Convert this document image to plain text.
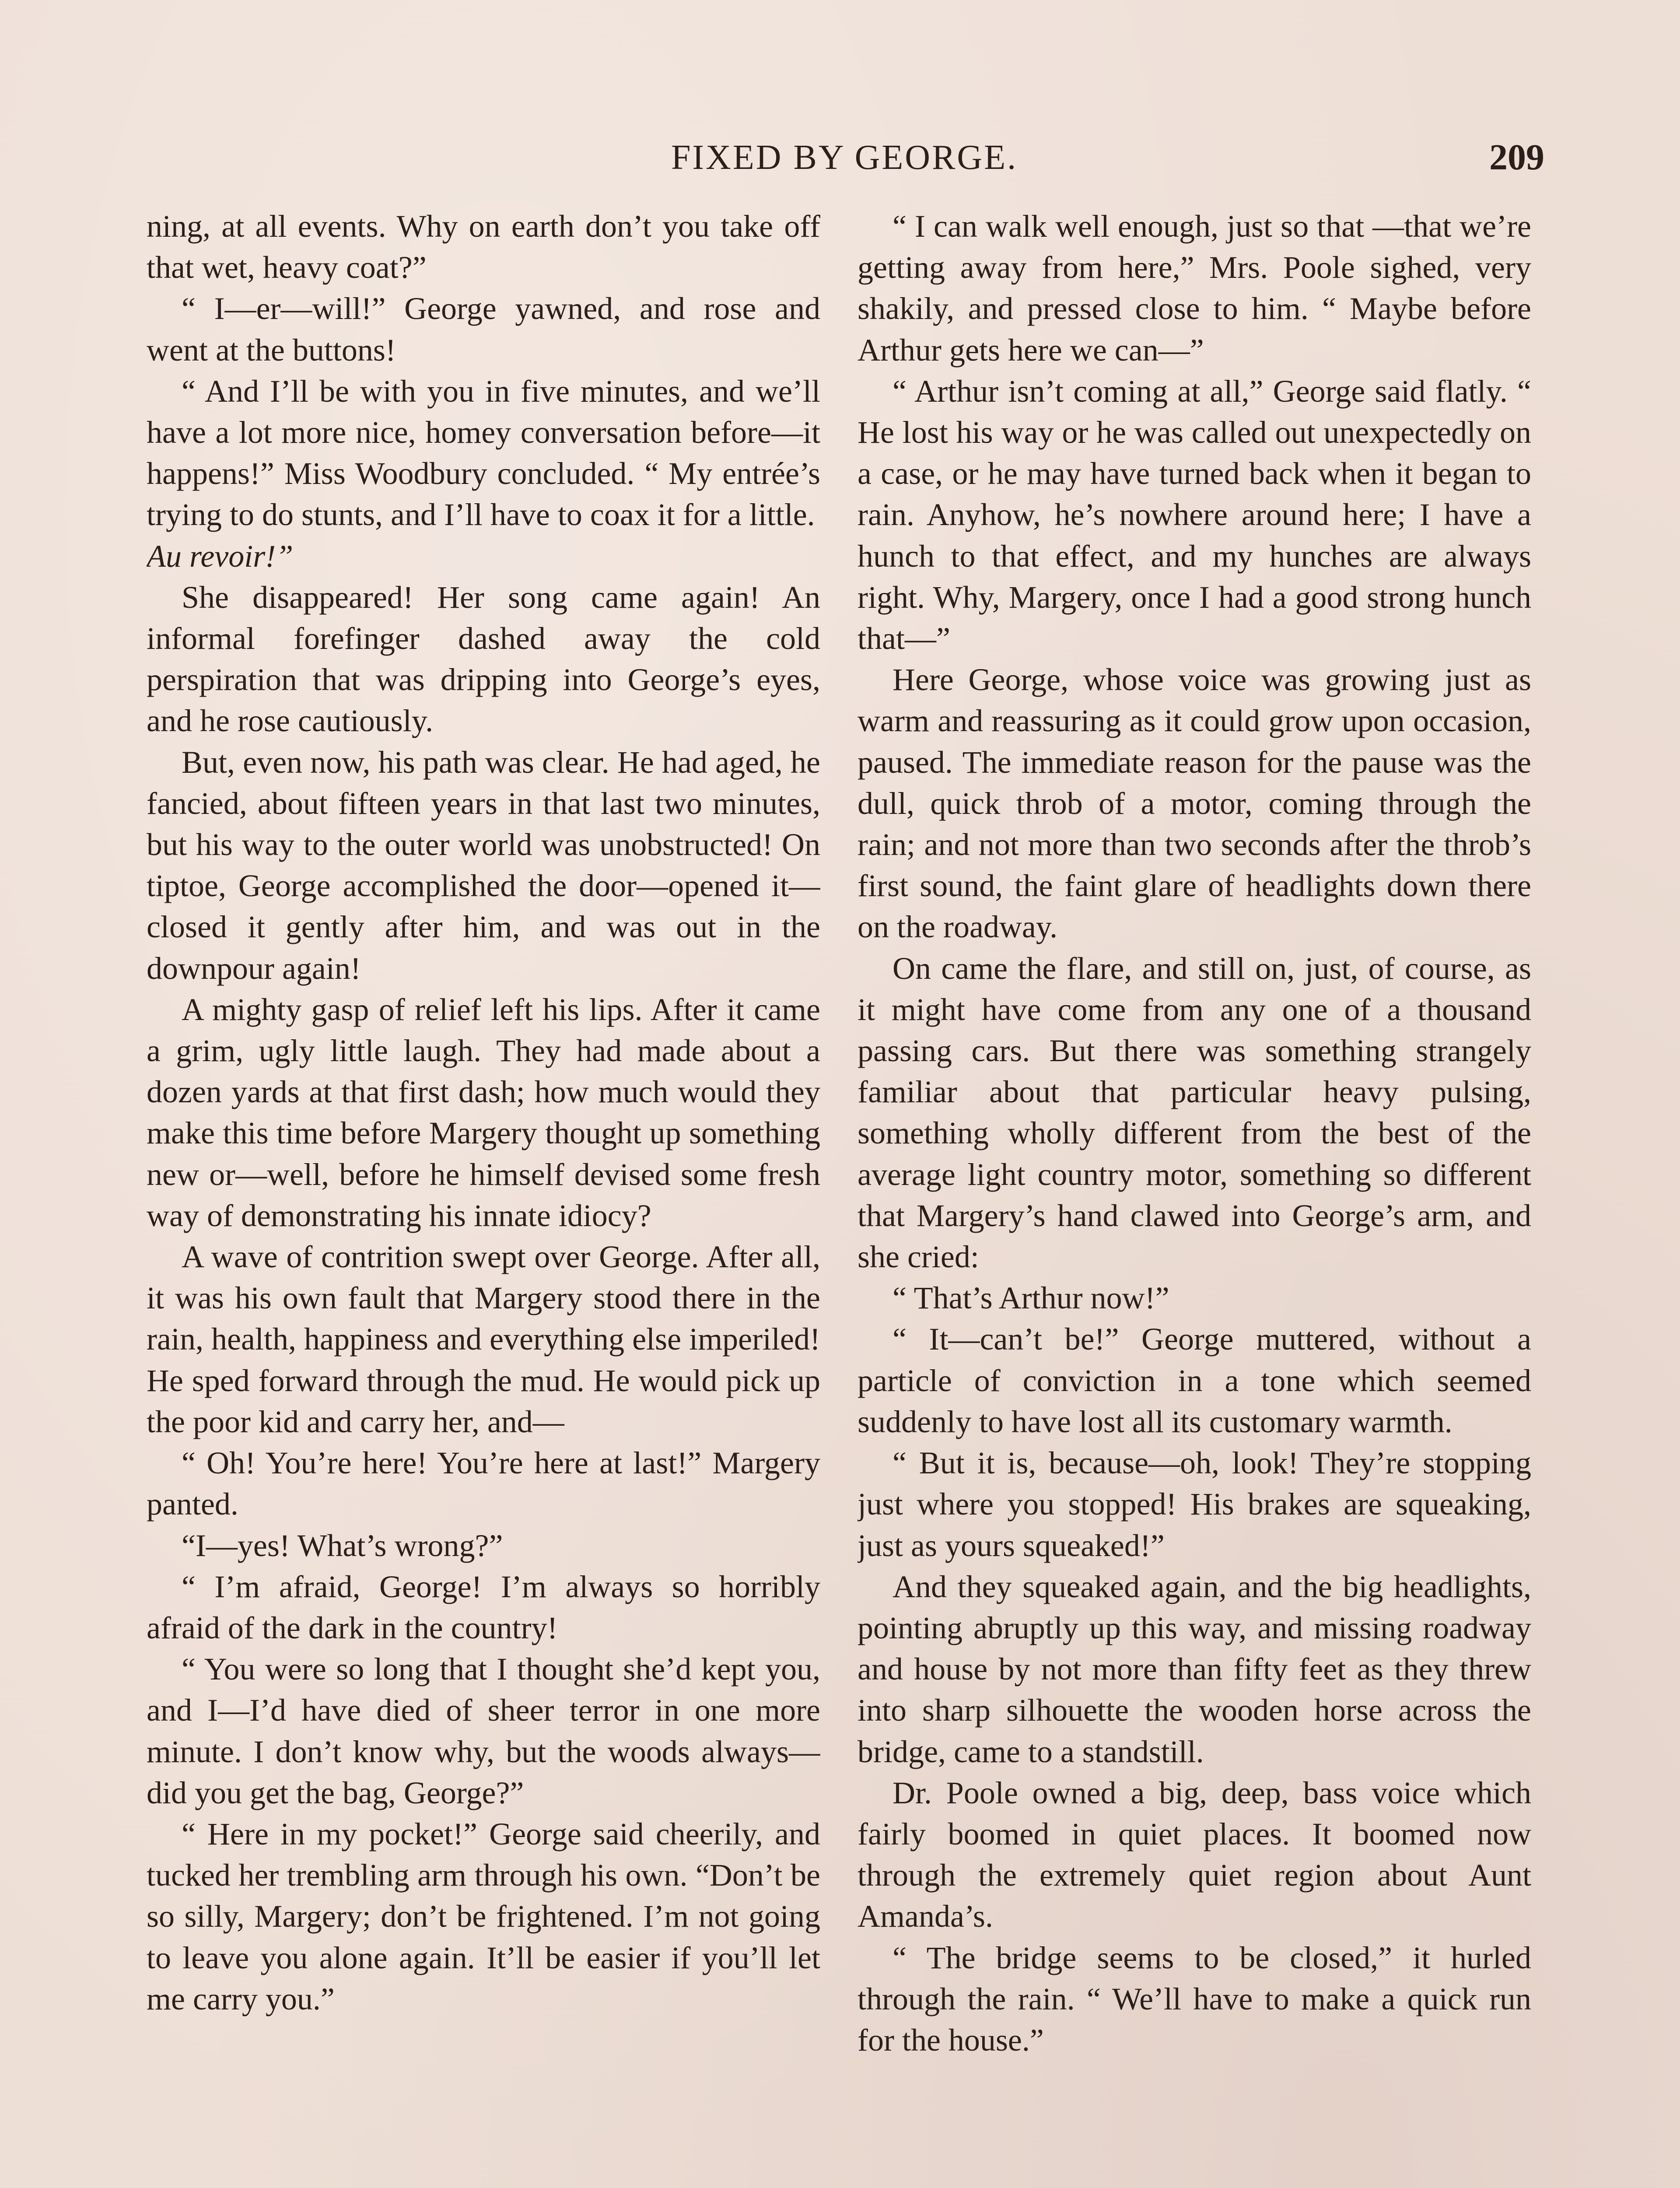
FIXED BY GEORGE.	209

ning, at all events. Why on earth don’t you take off that wet, heavy coat?”

“ I—er—will!” George yawned, and rose and went at the buttons!

“ And I’ll be with you in five minutes, and we’ll have a lot more nice, homey conversation before—it happens!” Miss Woodbury concluded. “ My entrée’s trying to do stunts, and I’ll have to coax it for a little.

Au revoir!”

She disappeared! Her song came again! An informal forefinger dashed away the cold perspiration that was dripping into George’s eyes, and he rose cautiously.

But, even now, his path was clear. He had aged, he fancied, about fifteen years in that last two minutes, but his way to the outer world was unobstructed! On tiptoe, George accomplished the door—opened it—closed it gently after him, and was out in the downpour again!

A mighty gasp of relief left his lips. After it came a grim, ugly little laugh. They had made about a dozen yards at that first dash; how much would they make this time before Margery thought up something new or—well, before he himself devised some fresh way of demonstrating his innate idiocy?

A wave of contrition swept over George. After all, it was his own fault that Margery stood there in the rain, health, happiness and everything else imperiled! He sped forward through the mud. He would pick up the poor kid and carry her, and—

“ Oh! You’re here! You’re here at last!” Margery panted.

“I—yes! What’s wrong?”

“ I’m afraid, George! I’m always so horribly afraid of the dark in the country!

“ You were so long that I thought she’d kept you, and I—I’d have died of sheer terror in one more minute. I don’t know why, but the woods always—did you get the bag, George?”

“ Here in my pocket!” George said cheerily, and tucked her trembling arm through his own. “Don’t be so silly, Margery; don’t be frightened. I’m not going to leave you alone again. It’ll be easier if you’ll let me carry you.”

“ I can walk well enough, just so that —that we’re getting away from here,” Mrs. Poole sighed, very shakily, and pressed close to him. “ Maybe before Arthur gets here we can—”

“ Arthur isn’t coming at all,” George said flatly. “ He lost his way or he was called out unexpectedly on a case, or he may have turned back when it began to rain. Anyhow, he’s nowhere around here; I have a hunch to that effect, and my hunches are always right. Why, Margery, once I had a good strong hunch that—”

Here George, whose voice was growing just as warm and reassuring as it could grow upon occasion, paused. The immediate reason for the pause was the dull, quick throb of a motor, coming through the rain; and not more than two seconds after the throb’s first sound, the faint glare of headlights down there on the roadway.

On came the flare, and still on, just, of course, as it might have come from any one of a thousand passing cars. But there was something strangely familiar about that particular heavy pulsing, something wholly different from the best of the average light country motor, something so different that Margery’s hand clawed into George’s arm, and she cried:

“ That’s Arthur now!”

“ It—can’t be!” George muttered, without a particle of conviction in a tone which seemed suddenly to have lost all its customary warmth.

“ But it is, because—oh, look! They’re stopping just where you stopped! His brakes are squeaking, just as yours squeaked!”

And they squeaked again, and the big headlights, pointing abruptly up this way, and missing roadway and house by not more than fifty feet as they threw into sharp silhouette the wooden horse across the bridge, came to a standstill.

Dr. Poole owned a big, deep, bass voice which fairly boomed in quiet places. It boomed now through the extremely quiet region about Aunt Amanda’s.

“ The bridge seems to be closed,” it hurled through the rain. “ We’ll have to make a quick run for the house.”
